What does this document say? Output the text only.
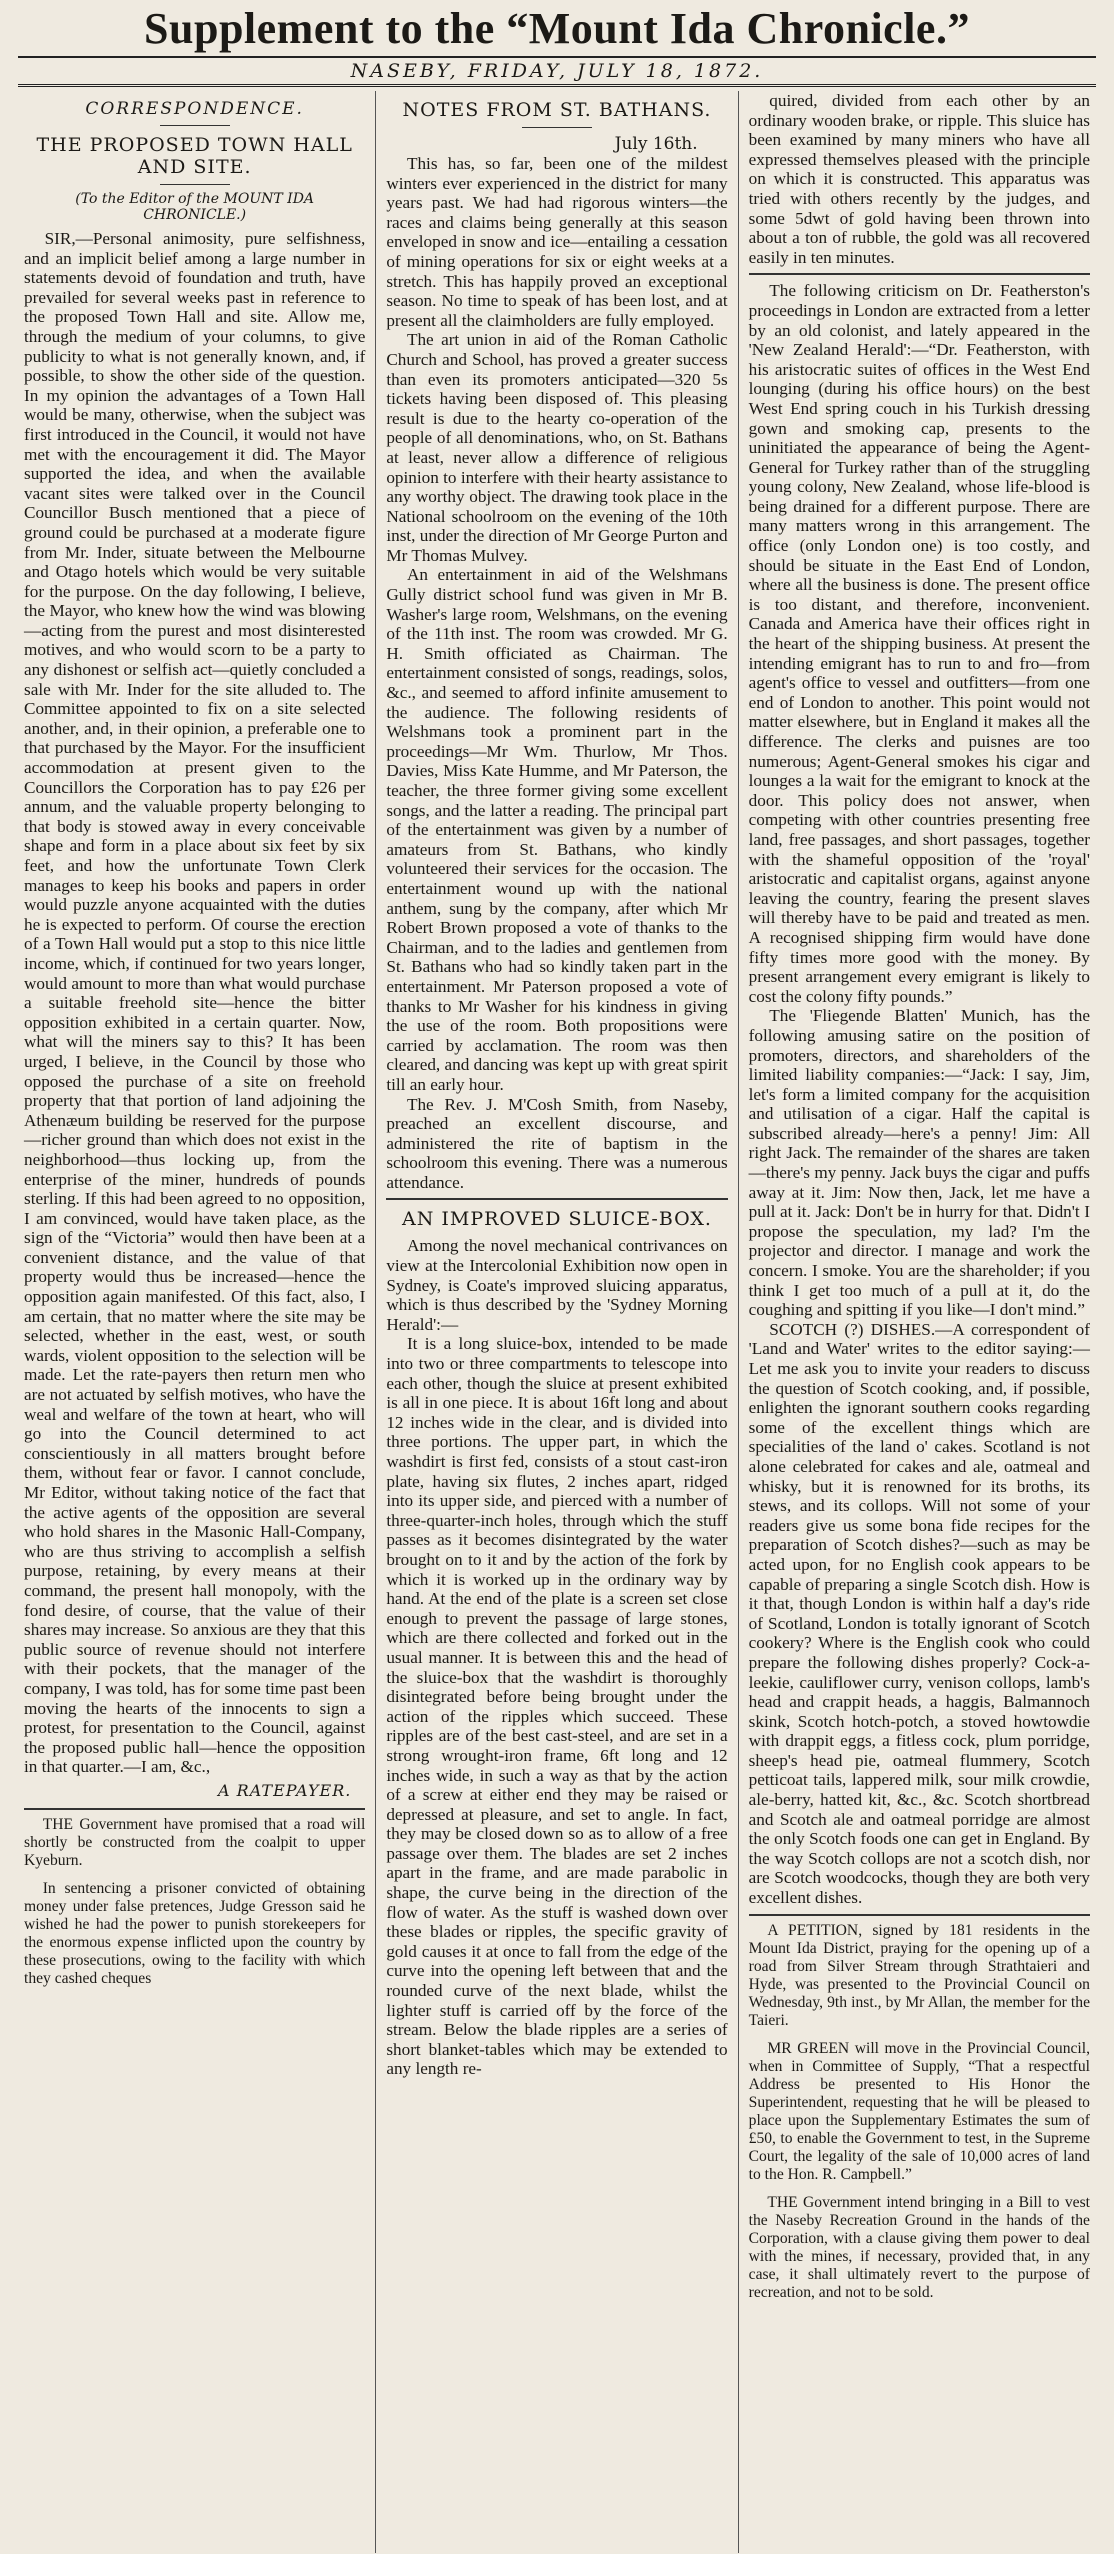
Supplement to the “Mount Ida Chronicle.”
NASEBY, FRIDAY, JULY 18, 1872.
CORRESPONDENCE.
THE PROPOSED TOWN HALL AND SITE.
(To the Editor of the MOUNT IDA CHRONICLE.)

SIR,—Personal animosity, pure selfishness, and an implicit belief among a large number in statements devoid of foundation and truth, have prevailed for several weeks past in reference to the proposed Town Hall and site. Allow me, through the medium of your columns, to give publicity to what is not generally known, and, if possible, to show the other side of the question. In my opinion the advantages of a Town Hall would be many, otherwise, when the subject was first introduced in the Council, it would not have met with the encouragement it did. The Mayor supported the idea, and when the available vacant sites were talked over in the Council Councillor Busch mentioned that a piece of ground could be purchased at a moderate figure from Mr. Inder, situate between the Melbourne and Otago hotels which would be very suitable for the purpose. On the day following, I believe, the Mayor, who knew how the wind was blowing—acting from the purest and most disinterested motives, and who would scorn to be a party to any dishonest or selfish act—quietly concluded a sale with Mr. Inder for the site alluded to. The Committee appointed to fix on a site selected another, and, in their opinion, a preferable one to that purchased by the Mayor. For the insufficient accommodation at present given to the Councillors the Corporation has to pay £26 per annum, and the valuable property belonging to that body is stowed away in every conceivable shape and form in a place about six feet by six feet, and how the unfortunate Town Clerk manages to keep his books and papers in order would puzzle anyone acquainted with the duties he is expected to perform. Of course the erection of a Town Hall would put a stop to this nice little income, which, if continued for two years longer, would amount to more than what would purchase a suitable freehold site—hence the bitter opposition exhibited in a certain quarter. Now, what will the miners say to this? It has been urged, I believe, in the Council by those who opposed the purchase of a site on freehold property that that portion of land adjoining the Athenæum building be reserved for the purpose—richer ground than which does not exist in the neighborhood—thus locking up, from the enterprise of the miner, hundreds of pounds sterling. If this had been agreed to no opposition, I am convinced, would have taken place, as the sign of the “Victoria” would then have been at a convenient distance, and the value of that property would thus be increased—hence the opposition again manifested. Of this fact, also, I am certain, that no matter where the site may be selected, whether in the east, west, or south wards, violent opposition to the selection will be made. Let the rate-payers then return men who are not actuated by selfish motives, who have the weal and welfare of the town at heart, who will go into the Council determined to act conscientiously in all matters brought before them, without fear or favor. I cannot conclude, Mr Editor, without taking notice of the fact that the active agents of the opposition are several who hold shares in the Masonic Hall-Company, who are thus striving to accomplish a selfish purpose, retaining, by every means at their command, the present hall monopoly, with the fond desire, of course, that the value of their shares may increase. So anxious are they that this public source of revenue should not interfere with their pockets, that the manager of the company, I was told, has for some time past been moving the hearts of the innocents to sign a protest, for presentation to the Council, against the proposed public hall—hence the opposition in that quarter.—I am, &c.,

A RATEPAYER.

THE Government have promised that a road will shortly be constructed from the coalpit to upper Kyeburn.

In sentencing a prisoner convicted of obtaining money under false pretences, Judge Gresson said he wished he had the power to punish storekeepers for the enormous expense inflicted upon the country by these prosecutions, owing to the facility with which they cashed cheques

NOTES FROM ST. BATHANS.
July 16th.

This has, so far, been one of the mildest winters ever experienced in the district for many years past. We had had rigorous winters—the races and claims being generally at this season enveloped in snow and ice—entailing a cessation of mining operations for six or eight weeks at a stretch. This has happily proved an exceptional season. No time to speak of has been lost, and at present all the claimholders are fully employed.

The art union in aid of the Roman Catholic Church and School, has proved a greater success than even its promoters anticipated—320 5s tickets having been disposed of. This pleasing result is due to the hearty co-operation of the people of all denominations, who, on St. Bathans at least, never allow a difference of religious opinion to interfere with their hearty assistance to any worthy object. The drawing took place in the National schoolroom on the evening of the 10th inst, under the direction of Mr George Purton and Mr Thomas Mulvey.

An entertainment in aid of the Welshmans Gully district school fund was given in Mr B. Washer's large room, Welshmans, on the evening of the 11th inst. The room was crowded. Mr G. H. Smith officiated as Chairman. The entertainment consisted of songs, readings, solos, &c., and seemed to afford infinite amusement to the audience. The following residents of Welshmans took a prominent part in the proceedings—Mr Wm. Thurlow, Mr Thos. Davies, Miss Kate Humme, and Mr Paterson, the teacher, the three former giving some excellent songs, and the latter a reading. The principal part of the entertainment was given by a number of amateurs from St. Bathans, who kindly volunteered their services for the occasion. The entertainment wound up with the national anthem, sung by the company, after which Mr Robert Brown proposed a vote of thanks to the Chairman, and to the ladies and gentlemen from St. Bathans who had so kindly taken part in the entertainment. Mr Paterson proposed a vote of thanks to Mr Washer for his kindness in giving the use of the room. Both propositions were carried by acclamation. The room was then cleared, and dancing was kept up with great spirit till an early hour.

The Rev. J. M'Cosh Smith, from Naseby, preached an excellent discourse, and administered the rite of baptism in the schoolroom this evening. There was a numerous attendance.

AN IMPROVED SLUICE-BOX.

Among the novel mechanical contrivances on view at the Intercolonial Exhibition now open in Sydney, is Coate's improved sluicing apparatus, which is thus described by the 'Sydney Morning Herald':—

It is a long sluice-box, intended to be made into two or three compartments to telescope into each other, though the sluice at present exhibited is all in one piece. It is about 16ft long and about 12 inches wide in the clear, and is divided into three portions. The upper part, in which the washdirt is first fed, consists of a stout cast-iron plate, having six flutes, 2 inches apart, ridged into its upper side, and pierced with a number of three-quarter-inch holes, through which the stuff passes as it becomes disintegrated by the water brought on to it and by the action of the fork by which it is worked up in the ordinary way by hand. At the end of the plate is a screen set close enough to prevent the passage of large stones, which are there collected and forked out in the usual manner. It is between this and the head of the sluice-box that the washdirt is thoroughly disintegrated before being brought under the action of the ripples which succeed. These ripples are of the best cast-steel, and are set in a strong wrought-iron frame, 6ft long and 12 inches wide, in such a way as that by the action of a screw at either end they may be raised or depressed at pleasure, and set to angle. In fact, they may be closed down so as to allow of a free passage over them. The blades are set 2 inches apart in the frame, and are made parabolic in shape, the curve being in the direction of the flow of water. As the stuff is washed down over these blades or ripples, the specific gravity of gold causes it at once to fall from the edge of the curve into the opening left between that and the rounded curve of the next blade, whilst the lighter stuff is carried off by the force of the stream. Below the blade ripples are a series of short blanket-tables which may be extended to any length re-

quired, divided from each other by an ordinary wooden brake, or ripple. This sluice has been examined by many miners who have all expressed themselves pleased with the principle on which it is constructed. This apparatus was tried with others recently by the judges, and some 5dwt of gold having been thrown into about a ton of rubble, the gold was all recovered easily in ten minutes.

The following criticism on Dr. Featherston's proceedings in London are extracted from a letter by an old colonist, and lately appeared in the 'New Zealand Herald':—“Dr. Featherston, with his aristocratic suites of offices in the West End lounging (during his office hours) on the best West End spring couch in his Turkish dressing gown and smoking cap, presents to the uninitiated the appearance of being the Agent-General for Turkey rather than of the struggling young colony, New Zealand, whose life-blood is being drained for a different purpose. There are many matters wrong in this arrangement. The office (only London one) is too costly, and should be situate in the East End of London, where all the business is done. The present office is too distant, and therefore, inconvenient. Canada and America have their offices right in the heart of the shipping business. At present the intending emigrant has to run to and fro—from agent's office to vessel and outfitters—from one end of London to another. This point would not matter elsewhere, but in England it makes all the difference. The clerks and puisnes are too numerous; Agent-General smokes his cigar and lounges a la wait for the emigrant to knock at the door. This policy does not answer, when competing with other countries presenting free land, free passages, and short passages, together with the shameful opposition of the 'royal' aristocratic and capitalist organs, against anyone leaving the country, fearing the present slaves will thereby have to be paid and treated as men. A recognised shipping firm would have done fifty times more good with the money. By present arrangement every emigrant is likely to cost the colony fifty pounds.”

The 'Fliegende Blatten' Munich, has the following amusing satire on the position of promoters, directors, and shareholders of the limited liability companies:—“Jack: I say, Jim, let's form a limited company for the acquisition and utilisation of a cigar. Half the capital is subscribed already—here's a penny! Jim: All right Jack. The remainder of the shares are taken—there's my penny. Jack buys the cigar and puffs away at it. Jim: Now then, Jack, let me have a pull at it. Jack: Don't be in hurry for that. Didn't I propose the speculation, my lad? I'm the projector and director. I manage and work the concern. I smoke. You are the shareholder; if you think I get too much of a pull at it, do the coughing and spitting if you like—I don't mind.”

SCOTCH (?) DISHES.—A correspondent of 'Land and Water' writes to the editor saying:—Let me ask you to invite your readers to discuss the question of Scotch cooking, and, if possible, enlighten the ignorant southern cooks regarding some of the excellent things which are specialities of the land o' cakes. Scotland is not alone celebrated for cakes and ale, oatmeal and whisky, but it is renowned for its broths, its stews, and its collops. Will not some of your readers give us some bona fide recipes for the preparation of Scotch dishes?—such as may be acted upon, for no English cook appears to be capable of preparing a single Scotch dish. How is it that, though London is within half a day's ride of Scotland, London is totally ignorant of Scotch cookery? Where is the English cook who could prepare the following dishes properly? Cock-a-leekie, cauliflower curry, venison collops, lamb's head and crappit heads, a haggis, Balmannoch skink, Scotch hotch-potch, a stoved howtowdie with drappit eggs, a fitless cock, plum porridge, sheep's head pie, oatmeal flummery, Scotch petticoat tails, lappered milk, sour milk crowdie, ale-berry, hatted kit, &c., &c. Scotch shortbread and Scotch ale and oatmeal porridge are almost the only Scotch foods one can get in England. By the way Scotch collops are not a scotch dish, nor are Scotch woodcocks, though they are both very excellent dishes.

A PETITION, signed by 181 residents in the Mount Ida District, praying for the opening up of a road from Silver Stream through Strathtaieri and Hyde, was presented to the Provincial Council on Wednesday, 9th inst., by Mr Allan, the member for the Taieri.

MR GREEN will move in the Provincial Council, when in Committee of Supply, “That a respectful Address be presented to His Honor the Superintendent, requesting that he will be pleased to place upon the Supplementary Estimates the sum of £50, to enable the Government to test, in the Supreme Court, the legality of the sale of 10,000 acres of land to the Hon. R. Campbell.”

THE Government intend bringing in a Bill to vest the Naseby Recreation Ground in the hands of the Corporation, with a clause giving them power to deal with the mines, if necessary, provided that, in any case, it shall ultimately revert to the purpose of recreation, and not to be sold.
